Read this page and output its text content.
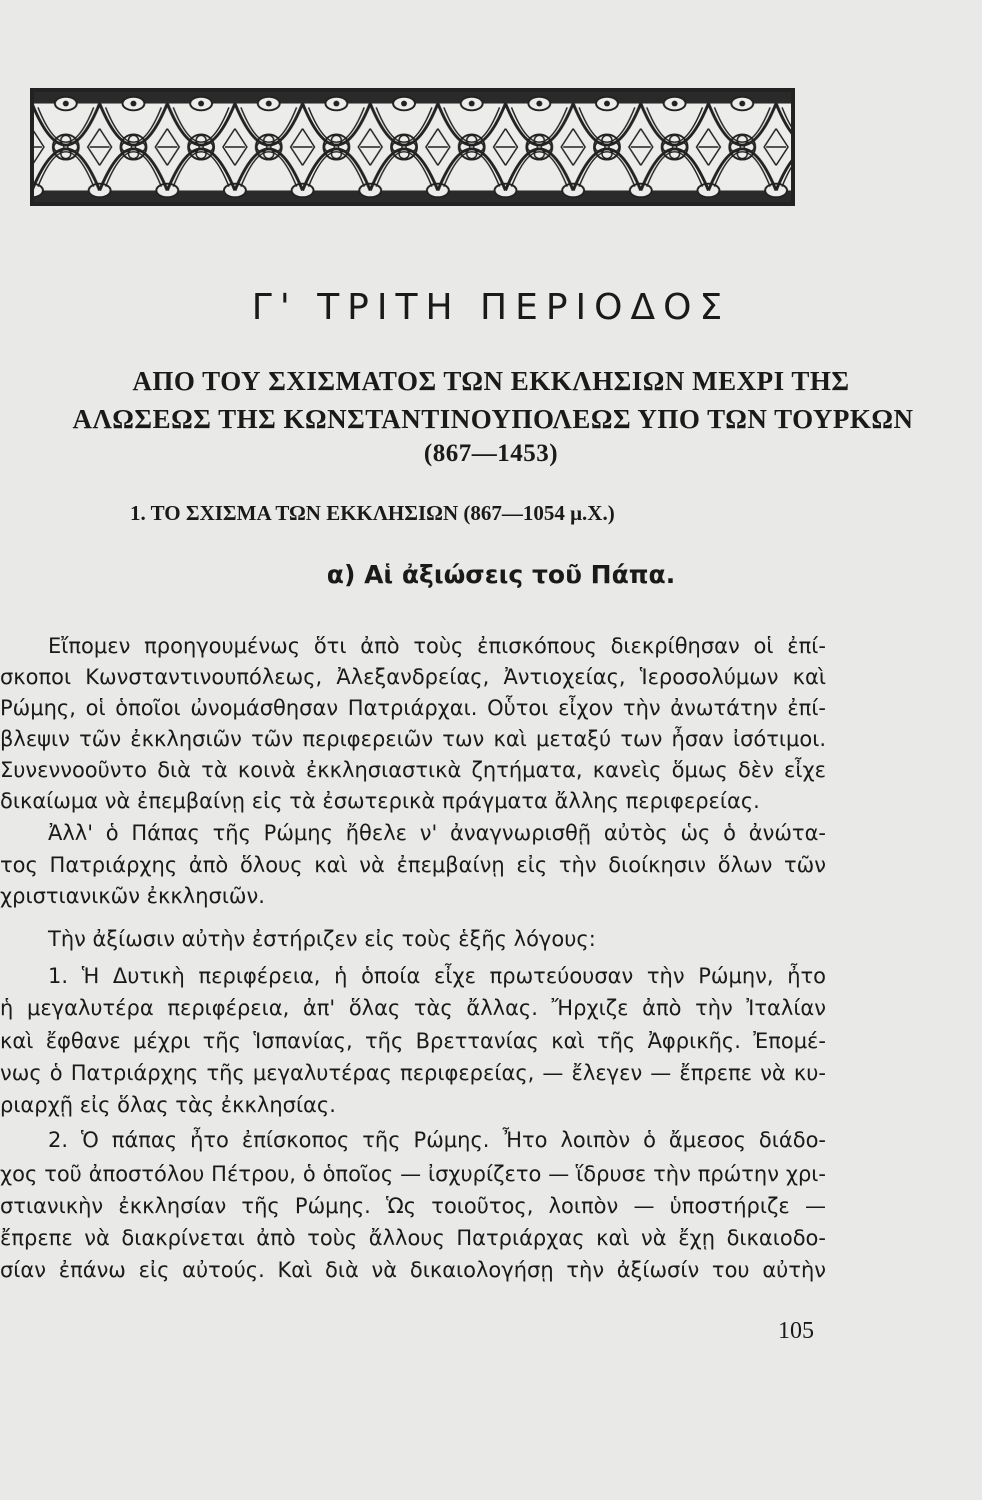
Γ' ΤΡΙΤΗ ΠΕΡΙΟΔΟΣ
ΑΠΟ ΤΟΥ ΣΧΙΣΜΑΤΟΣ ΤΩΝ ΕΚΚΛΗΣΙΩΝ ΜΕΧΡΙ ΤΗΣ
ΑΛΩΣΕΩΣ ΤΗΣ ΚΩΝΣΤΑΝΤΙΝΟΥΠΟΛΕΩΣ ΥΠΟ ΤΩΝ ΤΟΥΡΚΩΝ
(867—1453)
1. ΤΟ ΣΧΙΣΜΑ ΤΩΝ ΕΚΚΛΗΣΙΩΝ (867—1054 μ.Χ.)
α) Αἱ ἀξιώσεις τοῦ Πάπα.
Εἴπομεν προηγουμένως ὅτι ἀπὸ τοὺς ἐπισκόπους διεκρίθησαν οἱ ἐπί-
σκοποι Κωνσταντινουπόλεως, Ἀλεξανδρείας, Ἀντιοχείας, Ἱεροσολύμων καὶ
Ρώμης, οἱ ὁποῖοι ὠνομάσθησαν Πατριάρχαι. Οὗτοι εἶχον τὴν ἀνωτάτην ἐπί-
βλεψιν τῶν ἐκκλησιῶν τῶν περιφερειῶν των καὶ μεταξύ των ἦσαν ἰσότιμοι.
Συνεννοοῦντο διὰ τὰ κοινὰ ἐκκλησιαστικὰ ζητήματα, κανεὶς ὅμως δὲν εἶχε
δικαίωμα νὰ ἐπεμβαίνῃ εἰς τὰ ἐσωτερικὰ πράγματα ἄλλης περιφερείας.
Ἀλλ' ὁ Πάπας τῆς Ρώμης ἤθελε ν' ἀναγνωρισθῇ αὐτὸς ὡς ὁ ἀνώτα-
τος Πατριάρχης ἀπὸ ὅλους καὶ νὰ ἐπεμβαίνῃ εἰς τὴν διοίκησιν ὅλων τῶν
χριστιανικῶν ἐκκλησιῶν.
Τὴν ἀξίωσιν αὐτὴν ἐστήριζεν εἰς τοὺς ἑξῆς λόγους:
1. Ἡ Δυτικὴ περιφέρεια, ἡ ὁποία εἶχε πρωτεύουσαν τὴν Ρώμην, ἦτο
ἡ μεγαλυτέρα περιφέρεια, ἀπ' ὅλας τὰς ἄλλας. Ἤρχιζε ἀπὸ τὴν Ἰταλίαν
καὶ ἔφθανε μέχρι τῆς Ἱσπανίας, τῆς Βρεττανίας καὶ τῆς Ἀφρικῆς. Ἐπομέ-
νως ὁ Πατριάρχης τῆς μεγαλυτέρας περιφερείας, — ἔλεγεν — ἔπρεπε νὰ κυ-
ριαρχῇ εἰς ὅλας τὰς ἐκκλησίας.
2. Ὁ πάπας ἦτο ἐπίσκοπος τῆς Ρώμης. Ἦτο λοιπὸν ὁ ἄμεσος διάδο-
χος τοῦ ἀποστόλου Πέτρου, ὁ ὁποῖος — ἰσχυρίζετο — ἵδρυσε τὴν πρώτην χρι-
στιανικὴν ἐκκλησίαν τῆς Ρώμης. Ὡς τοιοῦτος, λοιπὸν — ὑποστήριζε —
ἔπρεπε νὰ διακρίνεται ἀπὸ τοὺς ἄλλους Πατριάρχας καὶ νὰ ἔχῃ δικαιοδο-
σίαν ἐπάνω εἰς αὐτούς. Καὶ διὰ νὰ δικαιολογήσῃ τὴν ἀξίωσίν του αὐτὴν
105
